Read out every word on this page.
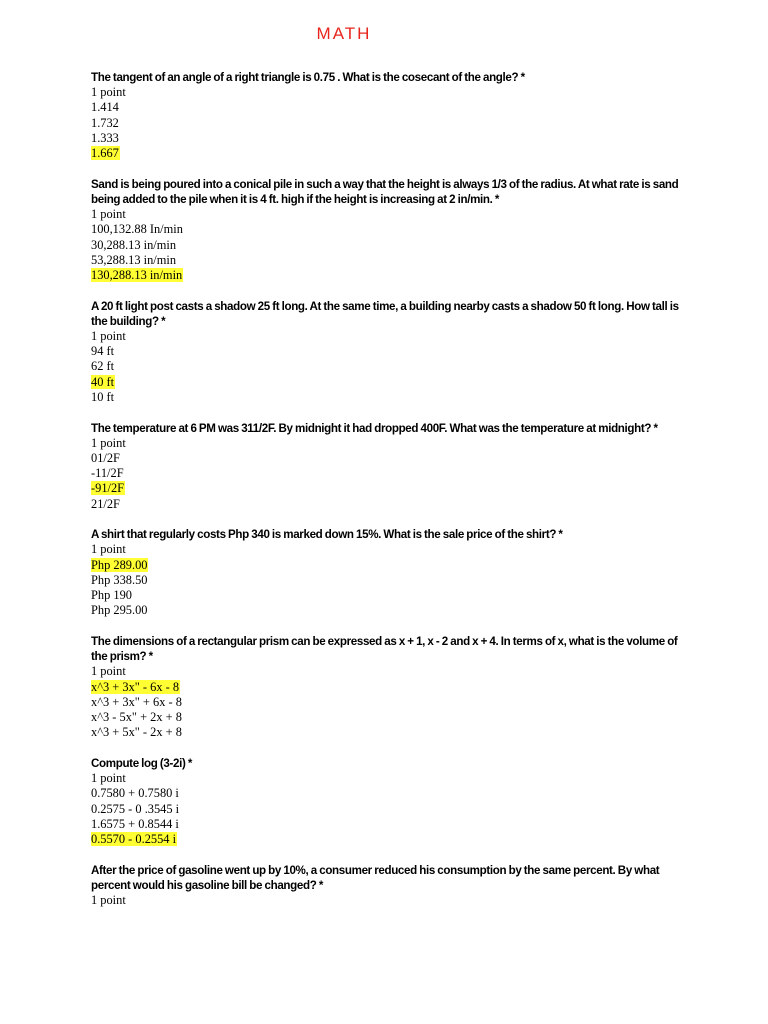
MATH
The tangent of an angle of a right triangle is 0.75 . What is the cosecant of the angle? *
1 point
1.414
1.732
1.333
1.667
Sand is being poured into a conical pile in such a way that the height is always 1/3 of the radius. At what rate is sand being added to the pile when it is 4 ft. high if the height is increasing at 2 in/min. *
1 point
100,132.88 In/min
30,288.13 in/min
53,288.13 in/min
130,288.13 in/min
A 20 ft light post casts a shadow 25 ft long. At the same time, a building nearby casts a shadow 50 ft long. How tall is the building? *
1 point
94 ft
62 ft
40 ft
10 ft
The temperature at 6 PM was 311/2F. By midnight it had dropped 400F. What was the temperature at midnight? *
1 point
01/2F
-11/2F
-91/2F
21/2F
A shirt that regularly costs Php 340 is marked down 15%. What is the sale price of the shirt? *
1 point
Php 289.00
Php 338.50
Php 190
Php 295.00
The dimensions of a rectangular prism can be expressed as x + 1, x - 2 and x + 4. In terms of x, what is the volume of the prism? *
1 point
x^3 + 3x" - 6x - 8
x^3 + 3x" + 6x - 8
x^3 - 5x" + 2x + 8
x^3 + 5x" - 2x + 8
Compute log (3-2i) *
1 point
0.7580 + 0.7580 i
0.2575 - 0 .3545 i
1.6575 + 0.8544 i
0.5570 - 0.2554 i
After the price of gasoline went up by 10%, a consumer reduced his consumption by the same percent. By what percent would his gasoline bill be changed? *
1 point
